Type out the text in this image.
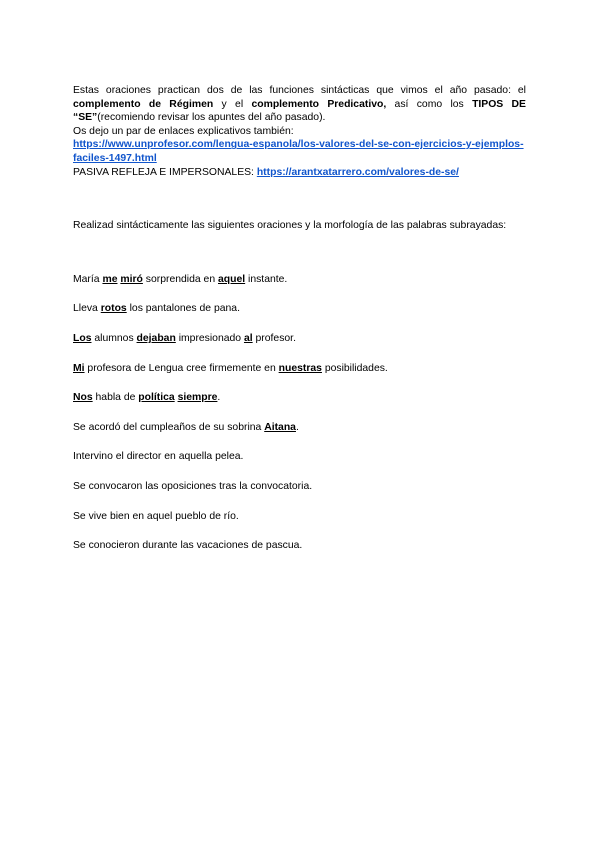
Estas oraciones practican dos de las funciones sintácticas que vimos el año pasado: el complemento de Régimen y el complemento Predicativo, así como los TIPOS DE “SE”(recomiendo revisar los apuntes del año pasado).

Os dejo un par de enlaces explicativos también:

https://www.unprofesor.com/lengua-espanola/los-valores-del-se-con-ejercicios-y-ejemplos-faciles-1497.html

PASIVA REFLEJA E IMPERSONALES: https://arantxatarrero.com/valores-de-se/

Realizad sintácticamente las siguientes oraciones y la morfología de las palabras subrayadas:

María me miró sorprendida en aquel instante.

Lleva rotos los pantalones de pana.

Los alumnos dejaban impresionado al profesor.

Mi profesora de Lengua cree firmemente en nuestras posibilidades.

Nos habla de política siempre.

Se acordó del cumpleaños de su sobrina Aitana.

Intervino el director en aquella pelea.

Se convocaron las oposiciones tras la convocatoria.

Se vive bien en aquel pueblo de río.

Se conocieron durante las vacaciones de pascua.
